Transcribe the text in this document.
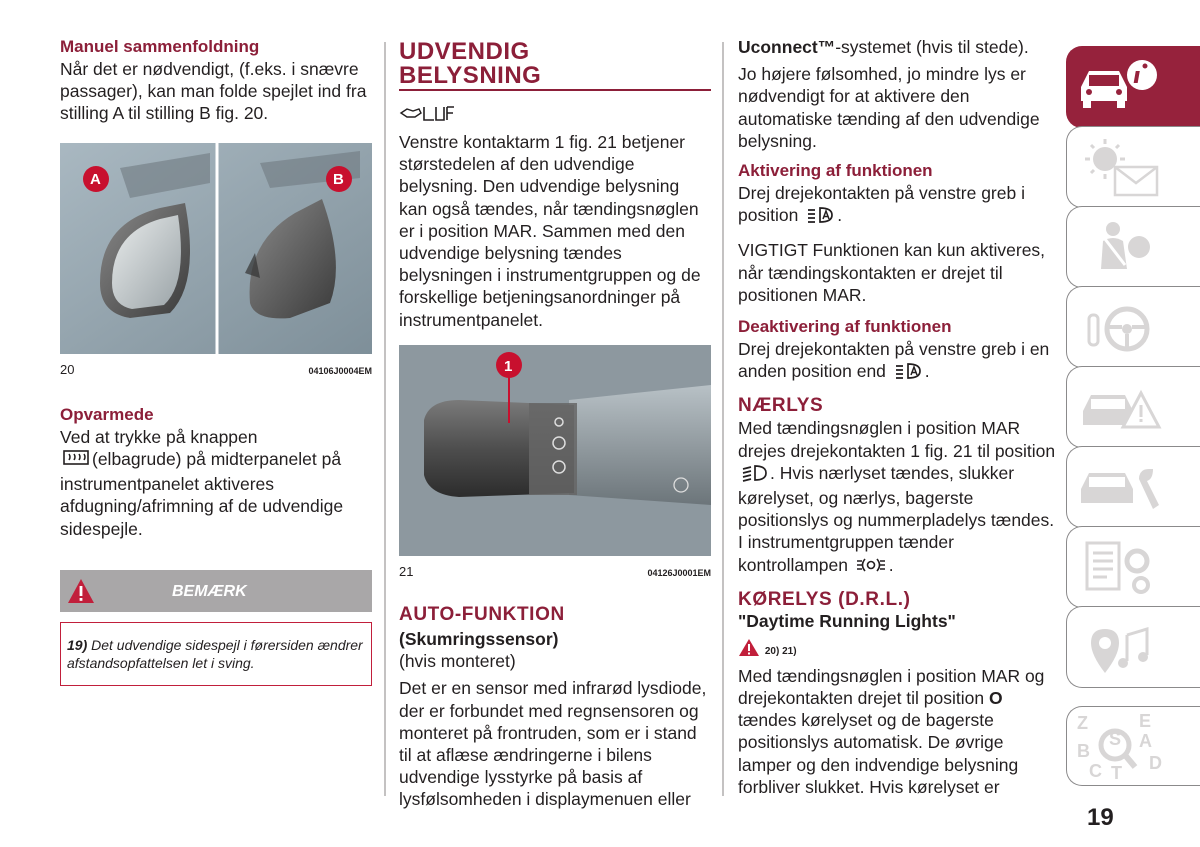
Manuel sammenfoldning
Når det er nødvendigt, (f.eks. i snævre passager), kan man folde spejlet ind fra stilling A til stilling B fig. 20.
A	B
20	04106J0004EM
Opvarmede
Ved at trykke på knappen
(elbagrude) på midterpanelet på instrumentpanelet aktiveres afdugning/afrimning af de udvendige sidespejle.
BEMÆRK
19) Det udvendige sidespejl i førersiden ændrer afstandsopfattelsen let i sving.
UDVENDIG
BELYSNING
Venstre kontaktarm 1 fig. 21 betjener størstedelen af den udvendige belysning. Den udvendige belysning kan også tændes, når tændingsnøglen er i position MAR. Sammen med den udvendige belysning tændes belysningen i instrumentgruppen og de forskellige betjeningsanordninger på instrumentpanelet.
1
21	04126J0001EM
AUTO-FUNKTION
(Skumringssensor)
(hvis monteret)
Det er en sensor med infrarød lysdiode, der er forbundet med regnsensoren og monteret på frontruden, som er i stand til at aflæse ændringerne i bilens udvendige lysstyrke på basis af lysfølsomheden i displaymenuen eller
Uconnect™-systemet (hvis til stede).
Jo højere følsomhed, jo mindre lys er nødvendigt for at aktivere den automatiske tænding af den udvendige belysning.
Aktivering af funktionen
Drej drejekontakten på venstre greb i position .
VIGTIGT Funktionen kan kun aktiveres, når tændingskontakten er drejet til positionen MAR.
Deaktivering af funktionen
Drej drejekontakten på venstre greb i en anden position end .
NÆRLYS
Med tændingsnøglen i position MAR drejes drejekontakten 1 fig. 21 til position . Hvis nærlyset tændes, slukker kørelyset, og nærlys, bagerste positionslys og nummerpladelys tændes. I instrumentgruppen tænder kontrollampen .
KØRELYS (D.R.L.)
"Daytime Running Lights"
20) 21)
Med tændingsnøglen i position MAR og drejekontakten drejet til position O tændes kørelyset og de bagerste positionslys automatisk. De øvrige lamper og den indvendige belysning forbliver slukket. Hvis kørelyset er
Z
S
E
B	A
C T D
19
